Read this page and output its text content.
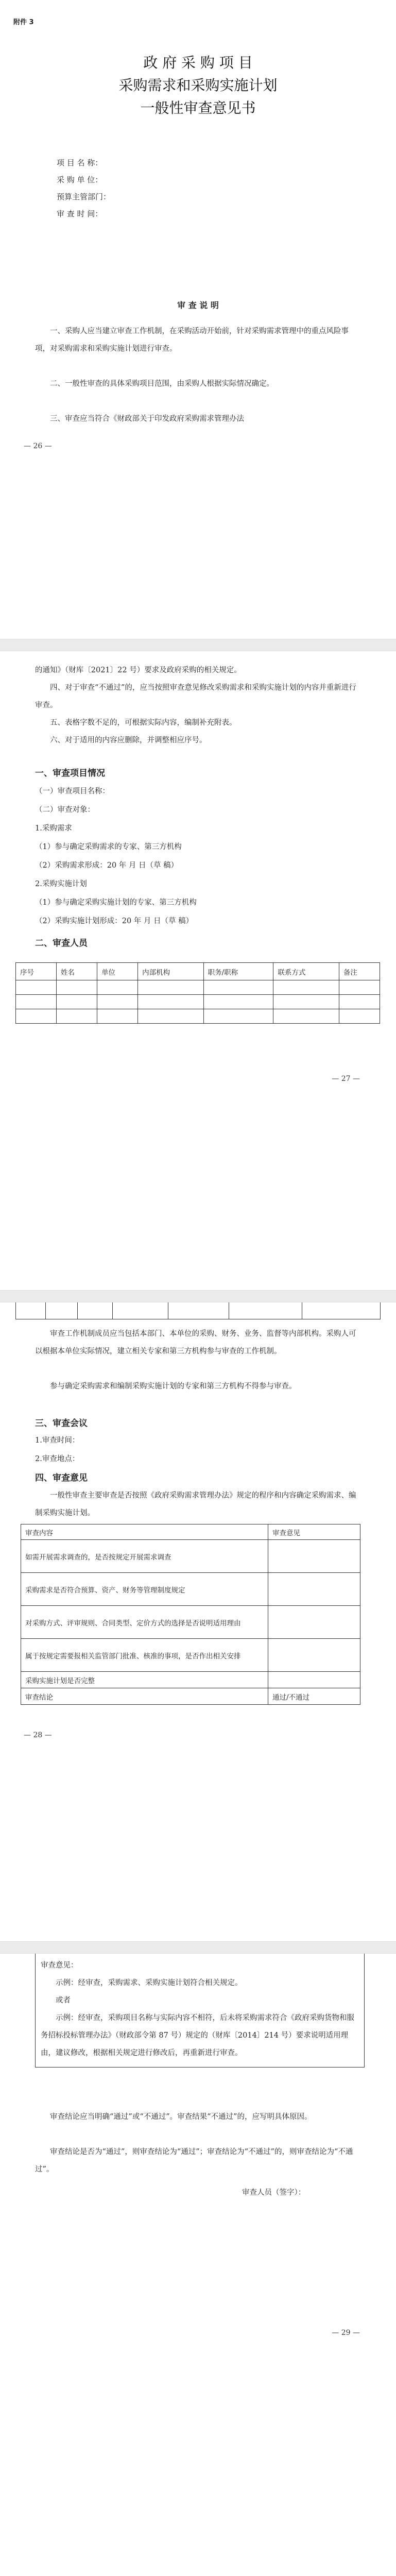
附件 3
政 府 采 购 项 目
采购需求和采购实施计划
一般性审查意见书
项 目 名 称：
采 购 单 位：
预算主管部门：
审 查 时 间：
审 查 说 明
一、采购人应当建立审查工作机制，在采购活动开始前，针对采购需求管理中的重点风险事项，对采购需求和采购实施计划进行审查。
二、一般性审查的具体采购项目范围，由采购人根据实际情况确定。
三、审查应当符合《财政部关于印发政府采购需求管理办法
— 26 —
的通知》（财库〔2021〕22 号）要求及政府采购的相关规定。
四、对于审查“不通过”的，应当按照审查意见修改采购需求和采购实施计划的内容并重新进行审查。
五、表格字数不足的，可根据实际内容，编制补充附表。
六、对于适用的内容应删除，并调整相应序号。
一、审查项目情况
（一）审查项目名称：
（二）审查对象：
1.采购需求
（1）参与确定采购需求的专家、第三方机构
（2）采购需求形成：20 年 月 日（草 稿）
2.采购实施计划
（1）参与确定采购实施计划的专家、第三方机构
（2）采购实施计划形成：20 年 月 日（草 稿）
二、审查人员
序号	姓名	单位	内部机构	职务/职称	联系方式	备注

— 27 —
审查工作机制成员应当包括本部门、本单位的采购、财务、业务、监督等内部机构。采购人可以根据本单位实际情况，建立相关专家和第三方机构参与审查的工作机制。
参与确定采购需求和编制采购实施计划的专家和第三方机构不得参与审查。
三、审查会议
1.审查时间：
2.审查地点：
四、审查意见
一般性审查主要审查是否按照《政府采购需求管理办法》规定的程序和内容确定采购需求、编制采购实施计划。
审查内容	审查意见
如需开展需求调查的，是否按规定开展需求调查	
采购需求是否符合预算、资产、财务等管理制度规定	
对采购方式、评审规则、合同类型、定价方式的选择是否说明适用理由	
属于按规定需要报相关监管部门批准、核准的事项，是否作出相关安排	
采购实施计划是否完整	
审查结论	通过/不通过
— 28 —
审查意见：
示例：经审查，采购需求、采购实施计划符合相关规定。
或者
示例：经审查，采购项目名称与实际内容不相符，后未将采购需求符合《政府采购货物和服务招标投标管理办法》（财政部令第 87 号）规定的（财库〔2014〕214 号）要求说明适用理由，建议修改，根据相关规定进行修改后，再重新进行审查。
审查结论应当明确“通过”或“不通过”。审查结果“不通过”的，应写明具体原因。
审查结论是否为“通过”，则审查结论为“通过”；审查结论为“不通过”的，则审查结论为“不通过”。
审查人员（签字）：
— 29 —
